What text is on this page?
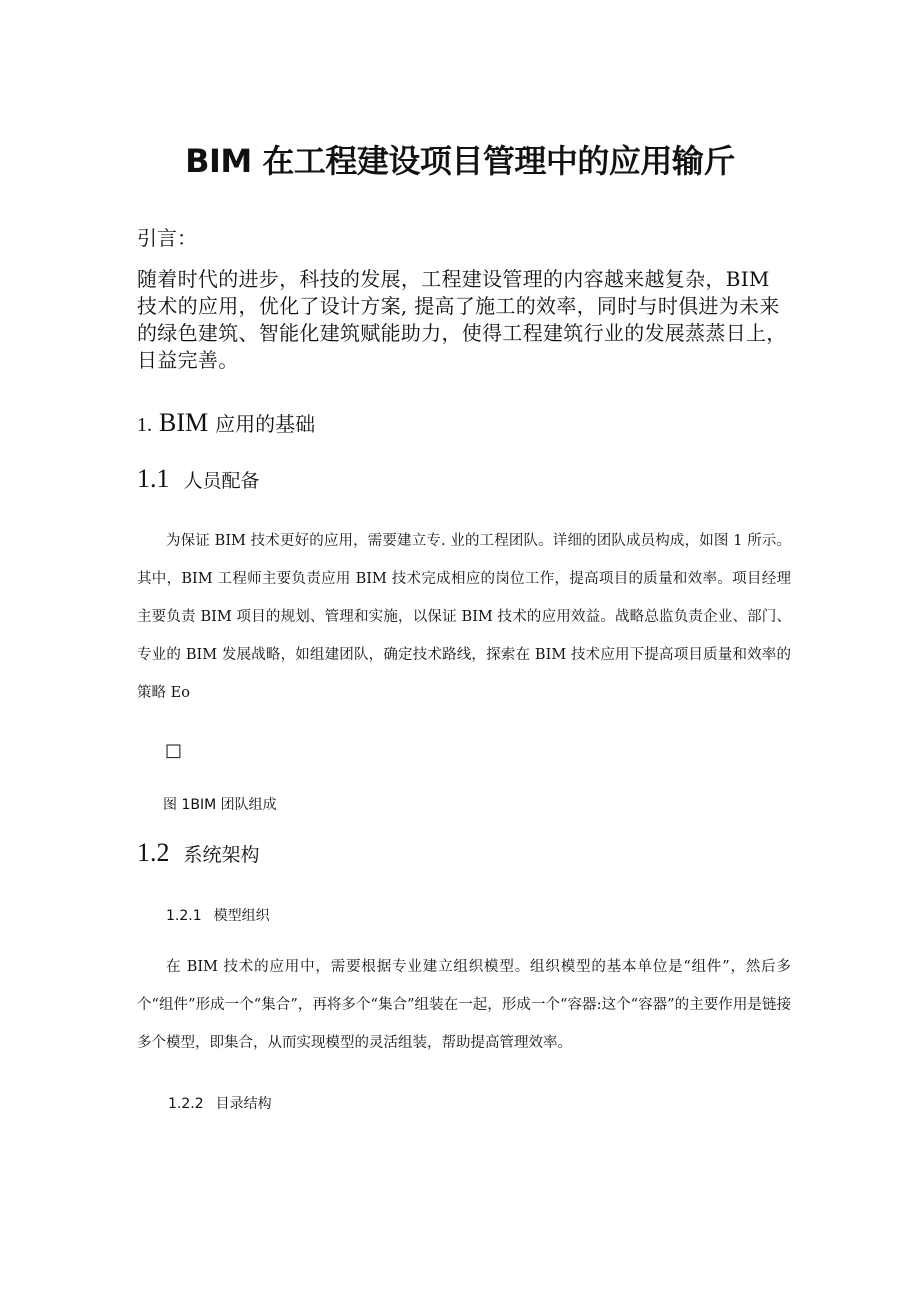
BIM 在工程建设项目管理中的应用输斤
引言：
随着时代的进步，科技的发展，工程建设管理的内容越来越复杂，BIM 技术的应用，优化了设计方案, 提高了施工的效率，同时与时俱进为未来的绿色建筑、智能化建筑赋能助力，使得工程建筑行业的发展蒸蒸日上，日益完善。
1. BIM 应用的基础
1.1 人员配备
为保证 BIM 技术更好的应用，需要建立专. 业的工程团队。详细的团队成员构成，如图 1 所示。其中，BIM 工程师主要负责应用 BIM 技术完成相应的岗位工作，提高项目的质量和效率。项目经理主要负责 BIM 项目的规划、管理和实施，以保证 BIM 技术的应用效益。战略总监负责企业、部门、专业的 BIM 发展战略，如组建团队，确定技术路线，探索在 BIM 技术应用下提高项目质量和效率的策略 Eo
□
图 1BIM 团队组成
1.2 系统架构
1.2.1 模型组织
在 BIM 技术的应用中，需要根据专业建立组织模型。组织模型的基本单位是“组件”，然后多个“组件”形成一个“集合”，再将多个“集合”组装在一起，形成一个“容器:这个“容器”的主要作用是链接多个模型，即集合，从而实现模型的灵活组装，帮助提高管理效率。
1.2.2 目录结构
